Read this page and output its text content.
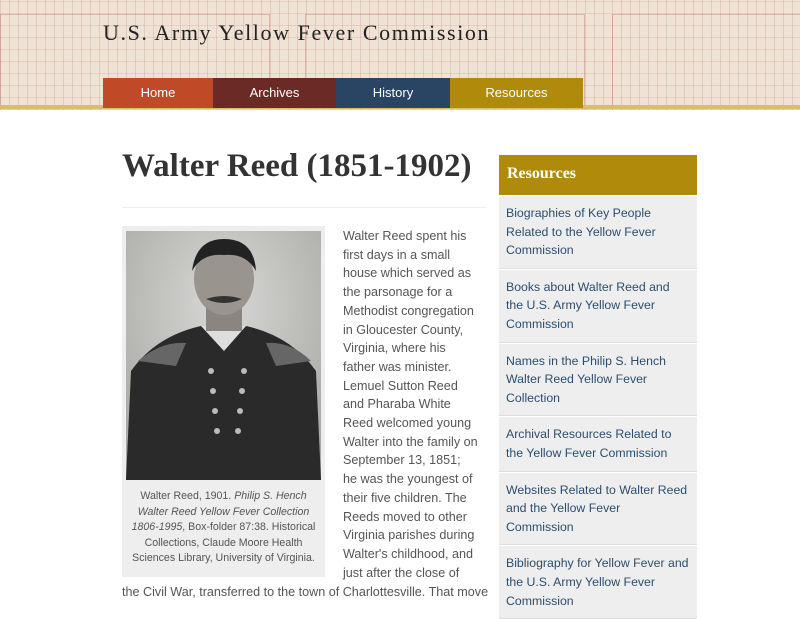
U.S. Army Yellow Fever Commission
Home	Archives	History	Resources
Walter Reed (1851-1902)
Walter Reed, 1901. Philip S. Hench Walter Reed Yellow Fever Collection 1806-1995, Box-folder 87:38. Historical Collections, Claude Moore Health Sciences Library, University of Virginia.
Walter Reed spent his first days in a small house which served as the parsonage for a Methodist congregation in Gloucester County, Virginia, where his father was minister. Lemuel Sutton Reed and Pharaba White Reed welcomed young Walter into the family on September 13, 1851; he was the youngest of their five children. The Reeds moved to other Virginia parishes during Walter's childhood, and just after the close of
the Civil War, transferred to the town of Charlottesville. That move
Resources
Biographies of Key People Related to the Yellow Fever Commission
Books about Walter Reed and the U.S. Army Yellow Fever Commission
Names in the Philip S. Hench Walter Reed Yellow Fever Collection
Archival Resources Related to the Yellow Fever Commission
Websites Related to Walter Reed and the Yellow Fever Commission
Bibliography for Yellow Fever and the U.S. Army Yellow Fever Commission
